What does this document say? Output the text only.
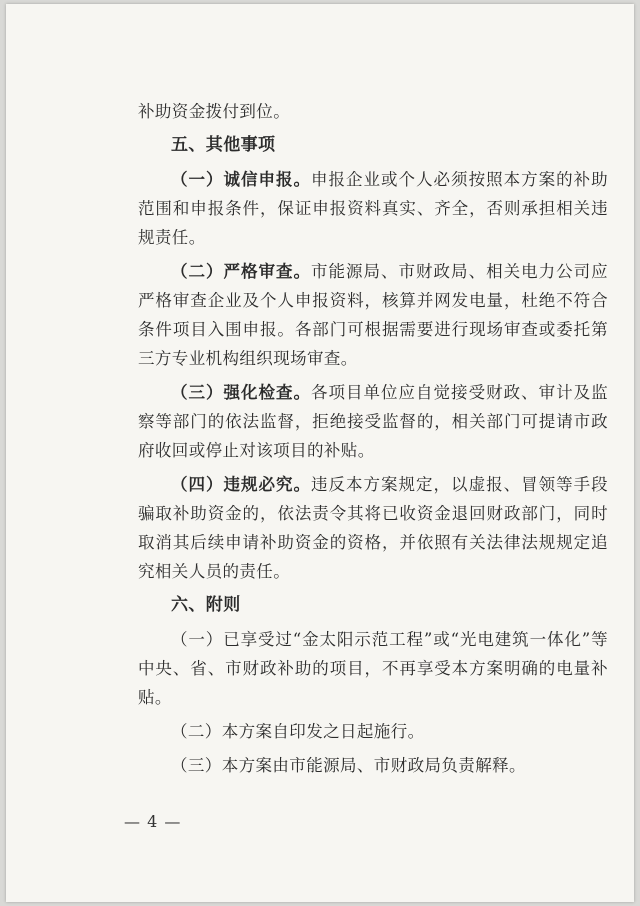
补助资金拨付到位。

五、其他事项

（一）诚信申报。申报企业或个人必须按照本方案的补助范围和申报条件，保证申报资料真实、齐全，否则承担相关违规责任。

（二）严格审查。市能源局、市财政局、相关电力公司应严格审查企业及个人申报资料，核算并网发电量，杜绝不符合条件项目入围申报。各部门可根据需要进行现场审查或委托第三方专业机构组织现场审查。

（三）强化检查。各项目单位应自觉接受财政、审计及监察等部门的依法监督，拒绝接受监督的，相关部门可提请市政府收回或停止对该项目的补贴。

（四）违规必究。违反本方案规定，以虚报、冒领等手段骗取补助资金的，依法责令其将已收资金退回财政部门，同时取消其后续申请补助资金的资格，并依照有关法律法规规定追究相关人员的责任。

六、附则

（一）已享受过“金太阳示范工程”或“光电建筑一体化”等中央、省、市财政补助的项目，不再享受本方案明确的电量补贴。

（二）本方案自印发之日起施行。

（三）本方案由市能源局、市财政局负责解释。

— 4 —
